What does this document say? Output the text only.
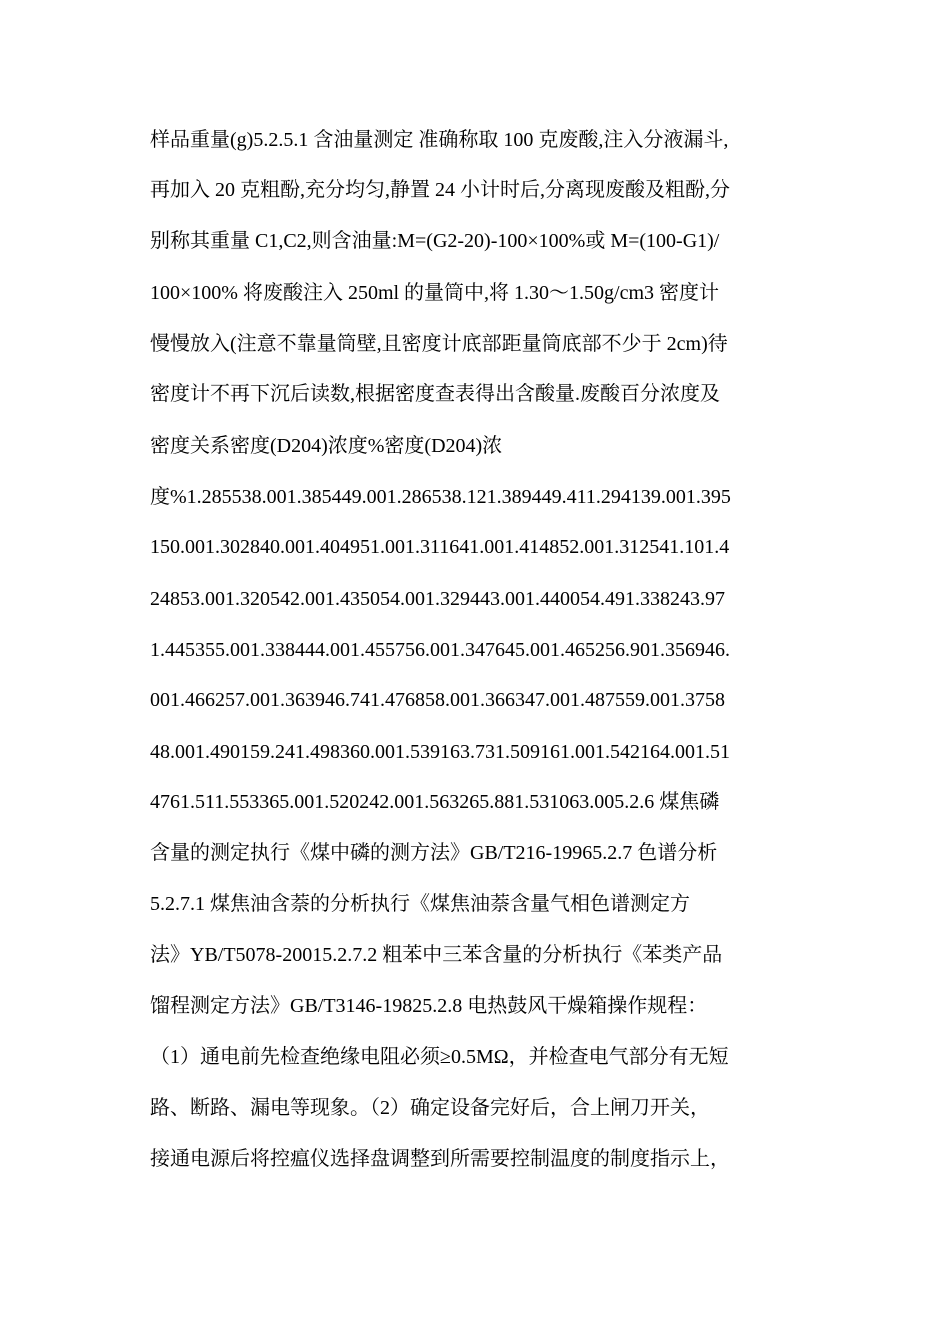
样品重量(g)5.2.5.1 含油量测定 准确称取 100 克废酸,注入分液漏斗,
再加入 20 克粗酚,充分均匀,静置 24 小计时后,分离现废酸及粗酚,分
别称其重量 C1,C2,则含油量:M=(G2-20)-100×100%或 M=(100-G1)/
100×100% 将废酸注入 250ml 的量筒中,将 1.30～1.50g/cm3 密度计
慢慢放入(注意不靠量筒壁,且密度计底部距量筒底部不少于 2cm)待
密度计不再下沉后读数,根据密度查表得出含酸量.废酸百分浓度及
密度关系密度(D204)浓度%密度(D204)浓
度%1.285538.001.385449.001.286538.121.389449.411.294139.001.395
150.001.302840.001.404951.001.311641.001.414852.001.312541.101.4
24853.001.320542.001.435054.001.329443.001.440054.491.338243.97
1.445355.001.338444.001.455756.001.347645.001.465256.901.356946.
001.466257.001.363946.741.476858.001.366347.001.487559.001.3758
48.001.490159.241.498360.001.539163.731.509161.001.542164.001.51
4761.511.553365.001.520242.001.563265.881.531063.005.2.6 煤焦磷
含量的测定执行《煤中磷的测方法》GB/T216-19965.2.7 色谱分析
5.2.7.1 煤焦油含萘的分析执行《煤焦油萘含量气相色谱测定方
法》YB/T5078-20015.2.7.2 粗苯中三苯含量的分析执行《苯类产品
馏程测定方法》GB/T3146-19825.2.8 电热鼓风干燥箱操作规程：
（1）通电前先检查绝缘电阻必须≥0.5MΩ，并检查电气部分有无短
路、断路、漏电等现象。（2）确定设备完好后，合上闸刀开关，
接通电源后将控瘟仪选择盘调整到所需要控制温度的制度指示上，
